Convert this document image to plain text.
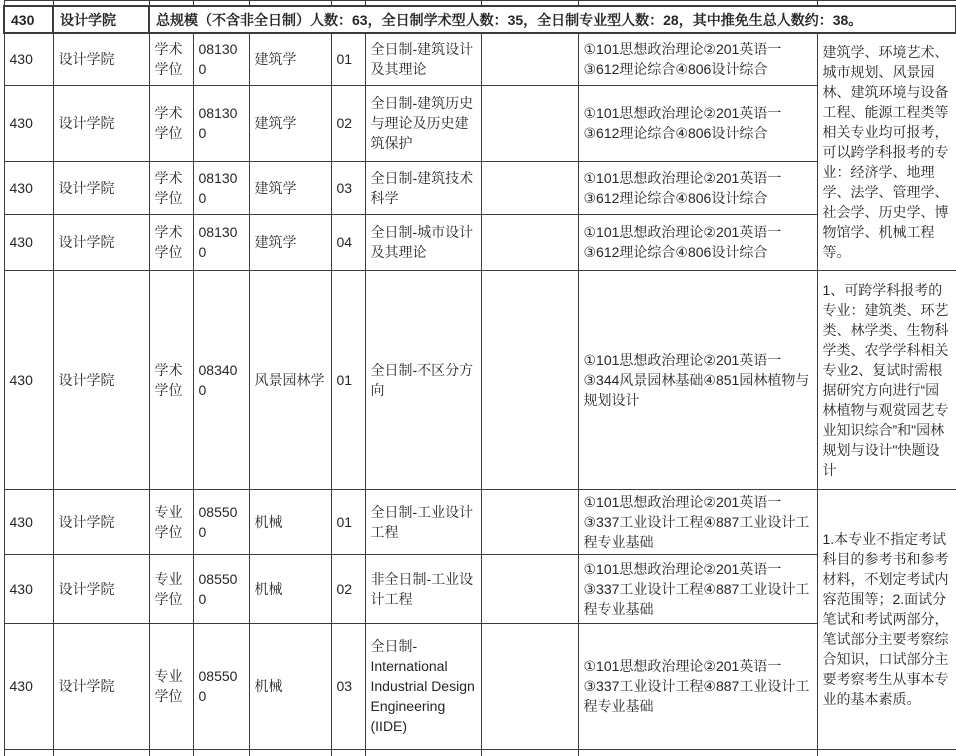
430	设计学院	总规模（不含非全日制）人数：63，全日制学术型人数：35，全日制专业型人数：28，其中推免生总人数约：38。							
430	设计学院	学术学位	081300	建筑学	01	全日制-建筑设计及其理论		①101思想政治理论②201英语一③612理论综合④806设计综合	建筑学、环境艺术、城市规划、风景园林、建筑环境与设备工程、能源工程类等相关专业均可报考，可以跨学科报考的专业：经济学、地理学、法学、管理学、社会学、历史学、博物馆学、机械工程等。
430	设计学院	学术学位	081300	建筑学	02	全日制-建筑历史与理论及历史建筑保护		①101思想政治理论②201英语一③612理论综合④806设计综合	
430	设计学院	学术学位	081300	建筑学	03	全日制-建筑技术科学		①101思想政治理论②201英语一③612理论综合④806设计综合	
430	设计学院	学术学位	081300	建筑学	04	全日制-城市设计及其理论		①101思想政治理论②201英语一③612理论综合④806设计综合	
430	设计学院	学术学位	083400	风景园林学	01	全日制-不区分方向		①101思想政治理论②201英语一③344风景园林基础④851园林植物与规划设计	1、可跨学科报考的专业：建筑类、环艺类、林学类、生物科学类、农学学科相关专业2、复试时需根据研究方向进行“园林植物与观赏园艺专业知识综合”和"园林规划与设计"快题设计
430	设计学院	专业学位	085500	机械	01	全日制-工业设计工程		①101思想政治理论②201英语一③337工业设计工程④887工业设计工程专业基础	1.本专业不指定考试科目的参考书和参考材料，不划定考试内容范围等；2.面试分笔试和考试两部分，笔试部分主要考察综合知识，口试部分主要考察考生从事本专业的基本素质。
430	设计学院	专业学位	085500	机械	02	非全日制-工业设计工程		①101思想政治理论②201英语一③337工业设计工程④887工业设计工程专业基础	
430	设计学院	专业学位	085500	机械	03	全日制-International Industrial Design Engineering (IIDE)		①101思想政治理论②201英语一③337工业设计工程④887工业设计工程专业基础	
